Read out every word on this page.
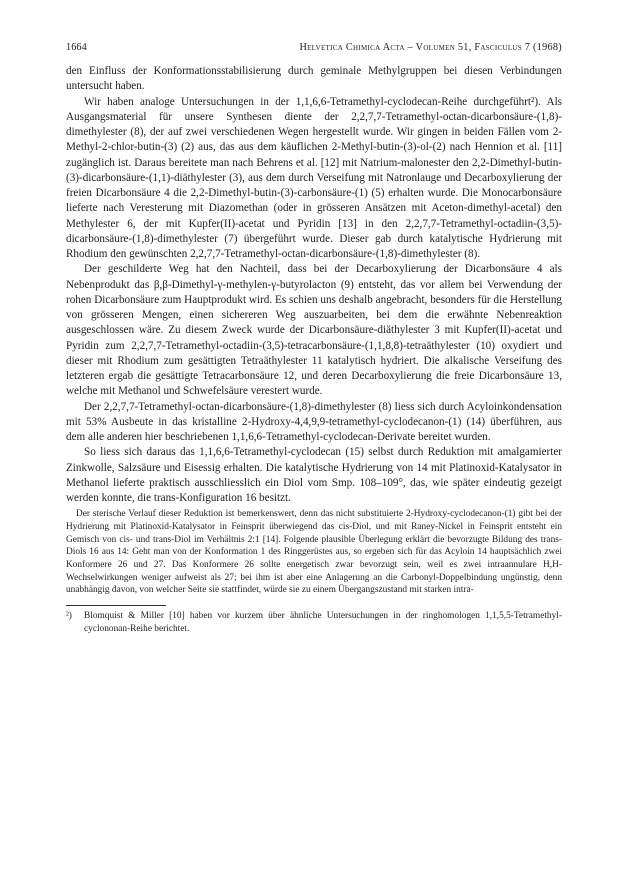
1664	Helvetica Chimica Acta – Volumen 51, Fasciculus 7 (1968)

den Einfluss der Konformationsstabilisierung durch geminale Methylgruppen bei diesen Verbindungen untersucht haben.

Wir haben analoge Untersuchungen in der 1,1,6,6-Tetramethyl-cyclodecan-Reihe durchgeführt²). Als Ausgangsmaterial für unsere Synthesen diente der 2,2,7,7-Tetramethyl-octan-dicarbonsäure-(1,8)-dimethylester (8), der auf zwei verschiedenen Wegen hergestellt wurde. Wir gingen in beiden Fällen vom 2-Methyl-2-chlor-butin-(3) (2) aus, das aus dem käuflichen 2-Methyl-butin-(3)-ol-(2) nach Hennion et al. [11] zugänglich ist. Daraus bereitete man nach Behrens et al. [12] mit Natrium-malonester den 2,2-Dimethyl-butin-(3)-dicarbonsäure-(1,1)-diäthylester (3), aus dem durch Verseifung mit Natronlauge und Decarboxylierung der freien Dicarbonsäure 4 die 2,2-Dimethyl-butin-(3)-carbonsäure-(1) (5) erhalten wurde. Die Monocarbonsäure lieferte nach Veresterung mit Diazomethan (oder in grösseren Ansätzen mit Aceton-dimethyl-acetal) den Methylester 6, der mit Kupfer(II)-acetat und Pyridin [13] in den 2,2,7,7-Tetramethyl-octadiin-(3,5)-dicarbonsäure-(1,8)-dimethylester (7) übergeführt wurde. Dieser gab durch katalytische Hydrierung mit Rhodium den gewünschten 2,2,7,7-Tetramethyl-octan-dicarbonsäure-(1,8)-dimethylester (8).

Der geschilderte Weg hat den Nachteil, dass bei der Decarboxylierung der Dicarbonsäure 4 als Nebenprodukt das β,β-Dimethyl-γ-methylen-γ-butyrolacton (9) entsteht, das vor allem bei Verwendung der rohen Dicarbonsäure zum Hauptprodukt wird. Es schien uns deshalb angebracht, besonders für die Herstellung von grösseren Mengen, einen sichereren Weg auszuarbeiten, bei dem die erwähnte Nebenreaktion ausgeschlossen wäre. Zu diesem Zweck wurde der Dicarbonsäure-diäthylester 3 mit Kupfer(II)-acetat und Pyridin zum 2,2,7,7-Tetramethyl-octadiin-(3,5)-tetracarbonsäure-(1,1,8,8)-tetraäthylester (10) oxydiert und dieser mit Rhodium zum gesättigten Tetraäthylester 11 katalytisch hydriert. Die alkalische Verseifung des letzteren ergab die gesättigte Tetracarbonsäure 12, und deren Decarboxylierung die freie Dicarbonsäure 13, welche mit Methanol und Schwefelsäure verestert wurde.

Der 2,2,7,7-Tetramethyl-octan-dicarbonsäure-(1,8)-dimethylester (8) liess sich durch Acyloinkondensation mit 53% Ausbeute in das kristalline 2-Hydroxy-4,4,9,9-tetramethyl-cyclodecanon-(1) (14) überführen, aus dem alle anderen hier beschriebenen 1,1,6,6-Tetramethyl-cyclodecan-Derivate bereitet wurden.

So liess sich daraus das 1,1,6,6-Tetramethyl-cyclodecan (15) selbst durch Reduktion mit amalgamierter Zinkwolle, Salzsäure und Eisessig erhalten. Die katalytische Hydrierung von 14 mit Platinoxid-Katalysator in Methanol lieferte praktisch ausschliesslich ein Diol vom Smp. 108–109°, das, wie später eindeutig gezeigt werden konnte, die trans-Konfiguration 16 besitzt.

Der sterische Verlauf dieser Reduktion ist bemerkenswert, denn das nicht substituierte 2-Hydroxy-cyclodecanon-(1) gibt bei der Hydrierung mit Platinoxid-Katalysator in Feinsprit überwiegend das cis-Diol, und mit Raney-Nickel in Feinsprit entsteht ein Gemisch von cis- und trans-Diol im Verhältnis 2:1 [14]. Folgende plausible Überlegung erklärt die bevorzugte Bildung des trans-Diols 16 aus 14: Geht man von der Konformation 1 des Ringgerüstes aus, so ergeben sich für das Acyloin 14 hauptsächlich zwei Konformere 26 und 27. Das Konformere 26 sollte energetisch zwar bevorzugt sein, weil es zwei intraannulare H,H-Wechselwirkungen weniger aufweist als 27; bei ihm ist aber eine Anlagerung an die Carbonyl-Doppelbindung ungünstig, denn unabhängig davon, von welcher Seite sie stattfindet, würde sie zu einem Übergangszustand mit starken intra-

²) Blomquist & Miller [10] haben vor kurzem über ähnliche Untersuchungen in der ringhomologen 1,1,5,5-Tetramethyl-cyclononan-Reihe berichtet.
